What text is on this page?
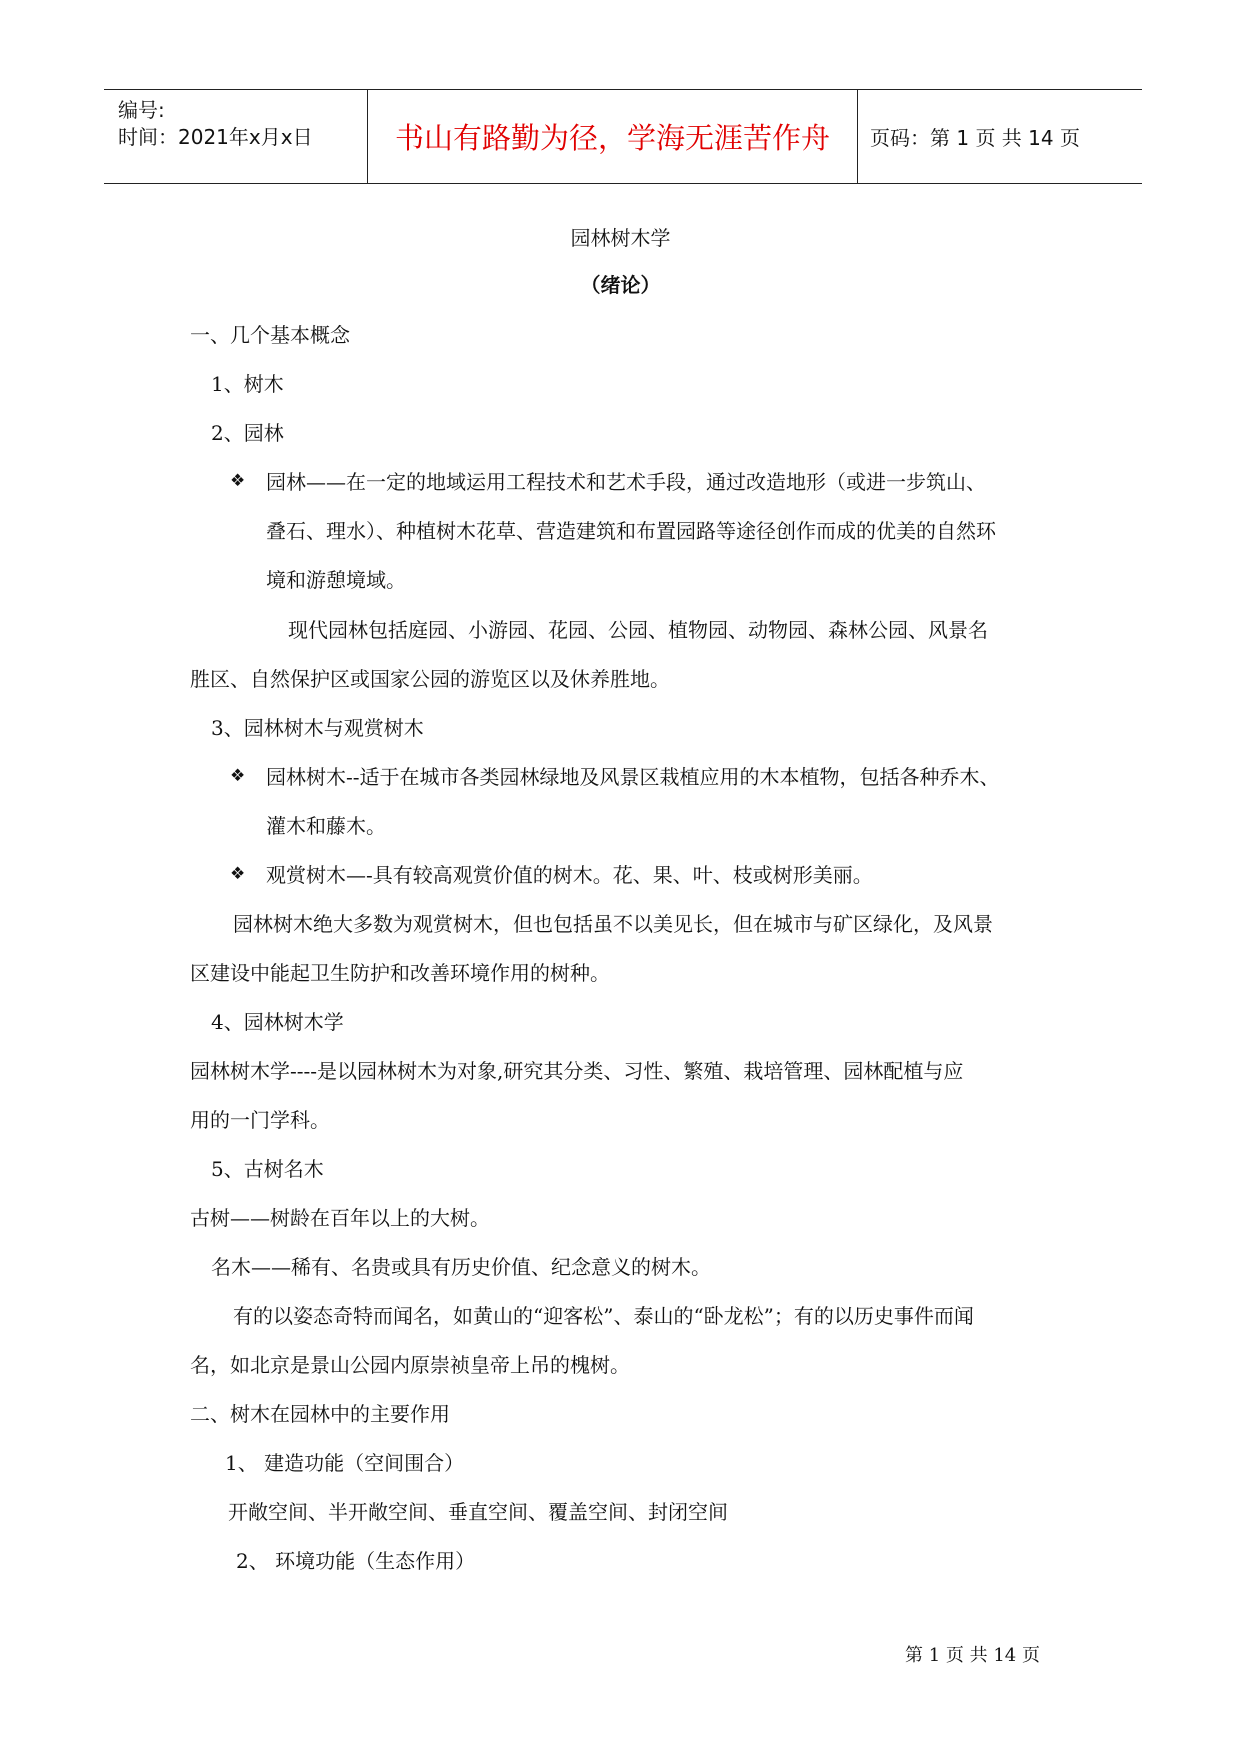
编号:
时间：2021年x月x日	书山有路勤为径，学海无涯苦作舟 页码：第 1 页 共 14 页
园林树木学
（绪论）
一、几个基本概念
1、树木
2、园林
❖ 园林——在一定的地域运用工程技术和艺术手段，通过改造地形（或进一步筑山、
叠石、理水）、种植树木花草、营造建筑和布置园路等途径创作而成的优美的自然环
境和游憩境域。
现代园林包括庭园、小游园、花园、公园、植物园、动物园、森林公园、风景名
胜区、自然保护区或国家公园的游览区以及休养胜地。
3、园林树木与观赏树木
❖ 园林树木--适于在城市各类园林绿地及风景区栽植应用的木本植物，包括各种乔木、
灌木和藤木。
❖ 观赏树木—-具有较高观赏价值的树木。花、果、叶、枝或树形美丽。
园林树木绝大多数为观赏树木，但也包括虽不以美见长，但在城市与矿区绿化，及风景
区建设中能起卫生防护和改善环境作用的树种。
4、园林树木学
园林树木学----是以园林树木为对象,研究其分类、习性、繁殖、栽培管理、园林配植与应
用的一门学科。
5、古树名木
古树——树龄在百年以上的大树。
名木——稀有、名贵或具有历史价值、纪念意义的树木。
有的以姿态奇特而闻名，如黄山的“迎客松”、泰山的“卧龙松”；有的以历史事件而闻
名，如北京是景山公园内原崇祯皇帝上吊的槐树。
二、树木在园林中的主要作用
1、 建造功能（空间围合）
开敞空间、半开敞空间、垂直空间、覆盖空间、封闭空间
2、 环境功能（生态作用）
第 1 页 共 14 页
